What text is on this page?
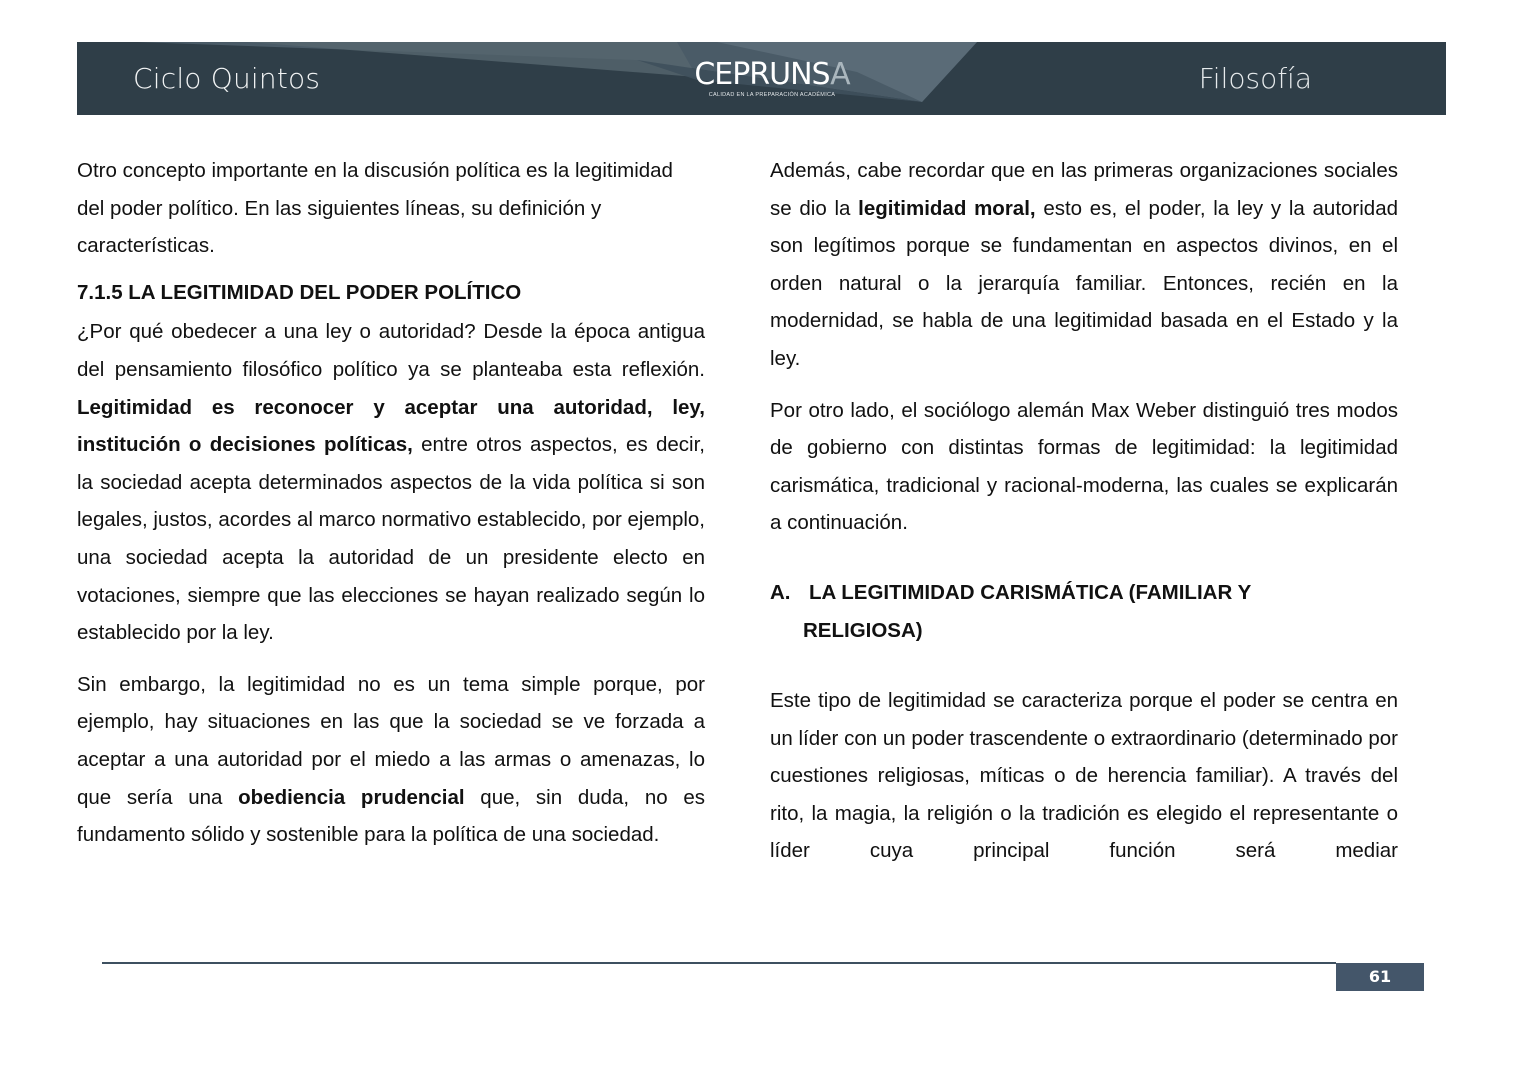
Ciclo Quintos	CEPRUNSA
CALIDAD EN LA PREPARACIÓN ACADÉMICA	Filosofía

Otro concepto importante en la discusión política es la legitimidad del poder político. En las siguientes líneas, su definición y características.

7.1.5 LA LEGITIMIDAD DEL PODER POLÍTICO

¿Por qué obedecer a una ley o autoridad? Desde la época antigua del pensamiento filosófico político ya se planteaba esta reflexión. Legitimidad es reconocer y aceptar una autoridad, ley, institución o decisiones políticas, entre otros aspectos, es decir, la sociedad acepta determinados aspectos de la vida política si son legales, justos, acordes al marco normativo establecido, por ejemplo, una sociedad acepta la autoridad de un presidente electo en votaciones, siempre que las elecciones se hayan realizado según lo establecido por la ley.

Sin embargo, la legitimidad no es un tema simple porque, por ejemplo, hay situaciones en las que la sociedad se ve forzada a aceptar a una autoridad por el miedo a las armas o amenazas, lo que sería una obediencia prudencial que, sin duda, no es fundamento sólido y sostenible para la política de una sociedad.

Además, cabe recordar que en las primeras organizaciones sociales se dio la legitimidad moral, esto es, el poder, la ley y la autoridad son legítimos porque se fundamentan en aspectos divinos, en el orden natural o la jerarquía familiar. Entonces, recién en la modernidad, se habla de una legitimidad basada en el Estado y la ley.

Por otro lado, el sociólogo alemán Max Weber distinguió tres modos de gobierno con distintas formas de legitimidad: la legitimidad carismática, tradicional y racional-moderna, las cuales se explicarán a continuación.

A. LA LEGITIMIDAD CARISMÁTICA (FAMILIAR Y
RELIGIOSA)

Este tipo de legitimidad se caracteriza porque el poder se centra en un líder con un poder trascendente o extraordinario (determinado por cuestiones religiosas, míticas o de herencia familiar). A través del rito, la magia, la religión o la tradición es elegido el representante o líder cuya principal función será mediar

61
